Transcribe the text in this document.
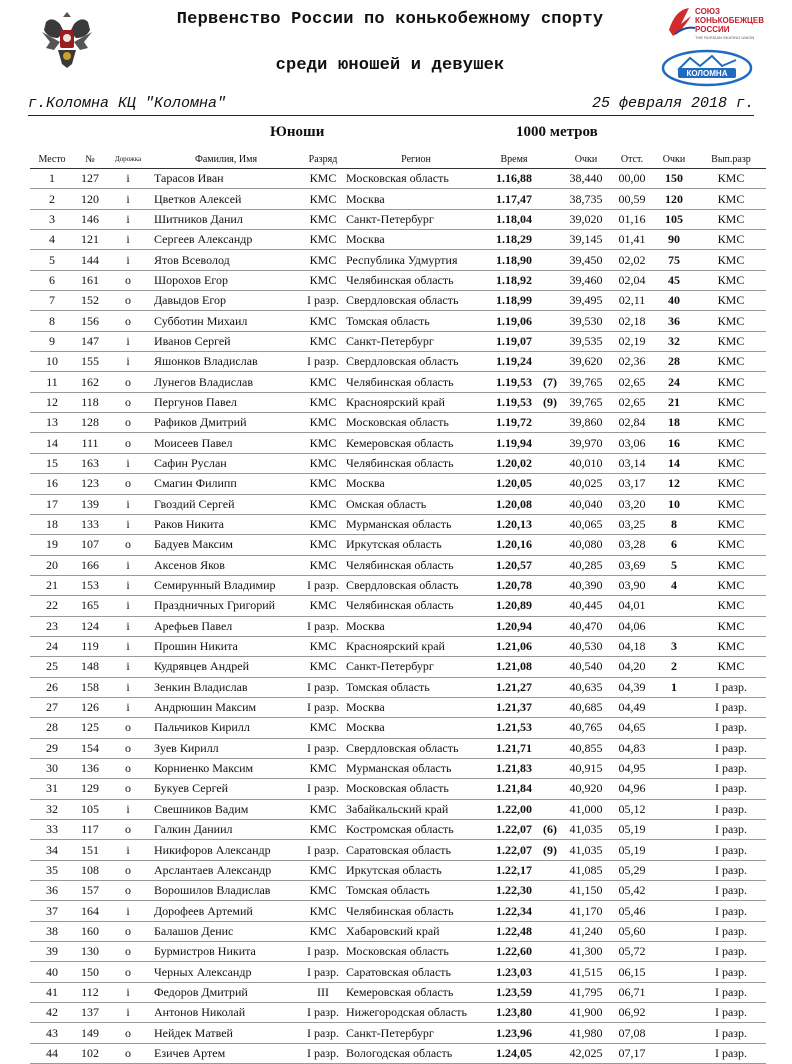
Первенство России по конькобежному спорту
среди юношей и девушек
СОЮЗ
КОНЬКОБЕЖЦЕВ
РОССИИ
THE RUSSIAN SKATING UNION
КОЛОМНА
г.Коломна КЦ "Коломна"	25 февраля 2018 г.
Юноши	1000 метров
Место	№	Дорожка	Фамилия, Имя	Разряд	Регион	Время		Очки	Отст.	Очки	Вып.разр
1	127	i	Тарасов Иван	КМС	Московская область	1.16,88		38,440	00,00	150	КМС
2	120	i	Цветков Алексей	КМС	Москва	1.17,47		38,735	00,59	120	КМС
3	146	i	Шитников Данил	КМС	Санкт-Петербург	1.18,04		39,020	01,16	105	КМС
4	121	i	Сергеев Александр	КМС	Москва	1.18,29		39,145	01,41	90	КМС
5	144	i	Ятов Всеволод	КМС	Республика Удмуртия	1.18,90		39,450	02,02	75	КМС
6	161	o	Шорохов Егор	КМС	Челябинская область	1.18,92		39,460	02,04	45	КМС
7	152	o	Давыдов Егор	I разр.	Свердловская область	1.18,99		39,495	02,11	40	КМС
8	156	o	Субботин Михаил	КМС	Томская область	1.19,06		39,530	02,18	36	КМС
9	147	i	Иванов Сергей	КМС	Санкт-Петербург	1.19,07		39,535	02,19	32	КМС
10	155	i	Яшонков Владислав	I разр.	Свердловская область	1.19,24		39,620	02,36	28	КМС
11	162	o	Лунегов Владислав	КМС	Челябинская область	1.19,53	(7)	39,765	02,65	24	КМС
12	118	o	Пергунов Павел	КМС	Красноярский край	1.19,53	(9)	39,765	02,65	21	КМС
13	128	o	Рафиков Дмитрий	КМС	Московская область	1.19,72		39,860	02,84	18	КМС
14	111	o	Моисеев Павел	КМС	Кемеровская область	1.19,94		39,970	03,06	16	КМС
15	163	i	Сафин Руслан	КМС	Челябинская область	1.20,02		40,010	03,14	14	КМС
16	123	o	Смагин Филипп	КМС	Москва	1.20,05		40,025	03,17	12	КМС
17	139	i	Гвоздий Сергей	КМС	Омская область	1.20,08		40,040	03,20	10	КМС
18	133	i	Раков Никита	КМС	Мурманская область	1.20,13		40,065	03,25	8	КМС
19	107	o	Бадуев Максим	КМС	Иркутская область	1.20,16		40,080	03,28	6	КМС
20	166	i	Аксенов Яков	КМС	Челябинская область	1.20,57		40,285	03,69	5	КМС
21	153	i	Семирунный Владимир	I разр.	Свердловская область	1.20,78		40,390	03,90	4	КМС
22	165	i	Праздничных Григорий	КМС	Челябинская область	1.20,89		40,445	04,01		КМС
23	124	i	Арефьев Павел	I разр.	Москва	1.20,94		40,470	04,06		КМС
24	119	i	Прошин Никита	КМС	Красноярский край	1.21,06		40,530	04,18	3	КМС
25	148	i	Кудрявцев Андрей	КМС	Санкт-Петербург	1.21,08		40,540	04,20	2	КМС
26	158	i	Зенкин Владислав	I разр.	Томская область	1.21,27		40,635	04,39	1	I разр.
27	126	i	Андрюшин Максим	I разр.	Москва	1.21,37		40,685	04,49		I разр.
28	125	o	Пальчиков Кирилл	КМС	Москва	1.21,53		40,765	04,65		I разр.
29	154	o	Зуев Кирилл	I разр.	Свердловская область	1.21,71		40,855	04,83		I разр.
30	136	o	Корниенко Максим	КМС	Мурманская область	1.21,83		40,915	04,95		I разр.
31	129	o	Букуев Сергей	I разр.	Московская область	1.21,84		40,920	04,96		I разр.
32	105	i	Свешников Вадим	КМС	Забайкальский край	1.22,00		41,000	05,12		I разр.
33	117	o	Галкин Даниил	КМС	Костромская область	1.22,07	(6)	41,035	05,19		I разр.
34	151	i	Никифоров Александр	I разр.	Саратовская область	1.22,07	(9)	41,035	05,19		I разр.
35	108	o	Арслантаев Александр	КМС	Иркутская область	1.22,17		41,085	05,29		I разр.
36	157	o	Ворошилов Владислав	КМС	Томская область	1.22,30		41,150	05,42		I разр.
37	164	i	Дорофеев Артемий	КМС	Челябинская область	1.22,34		41,170	05,46		I разр.
38	160	o	Балашов Денис	КМС	Хабаровский край	1.22,48		41,240	05,60		I разр.
39	130	o	Бурмистров Никита	I разр.	Московская область	1.22,60		41,300	05,72		I разр.
40	150	o	Черных Александр	I разр.	Саратовская область	1.23,03		41,515	06,15		I разр.
41	112	i	Федоров Дмитрий	III	Кемеровская область	1.23,59		41,795	06,71		I разр.
42	137	i	Антонов Николай	I разр.	Нижегородская область	1.23,80		41,900	06,92		I разр.
43	149	o	Нейдек Матвей	I разр.	Санкт-Петербург	1.23,96		41,980	07,08		I разр.
44	102	o	Езичев Артем	I разр.	Вологодская область	1.24,05		42,025	07,17		I разр.
